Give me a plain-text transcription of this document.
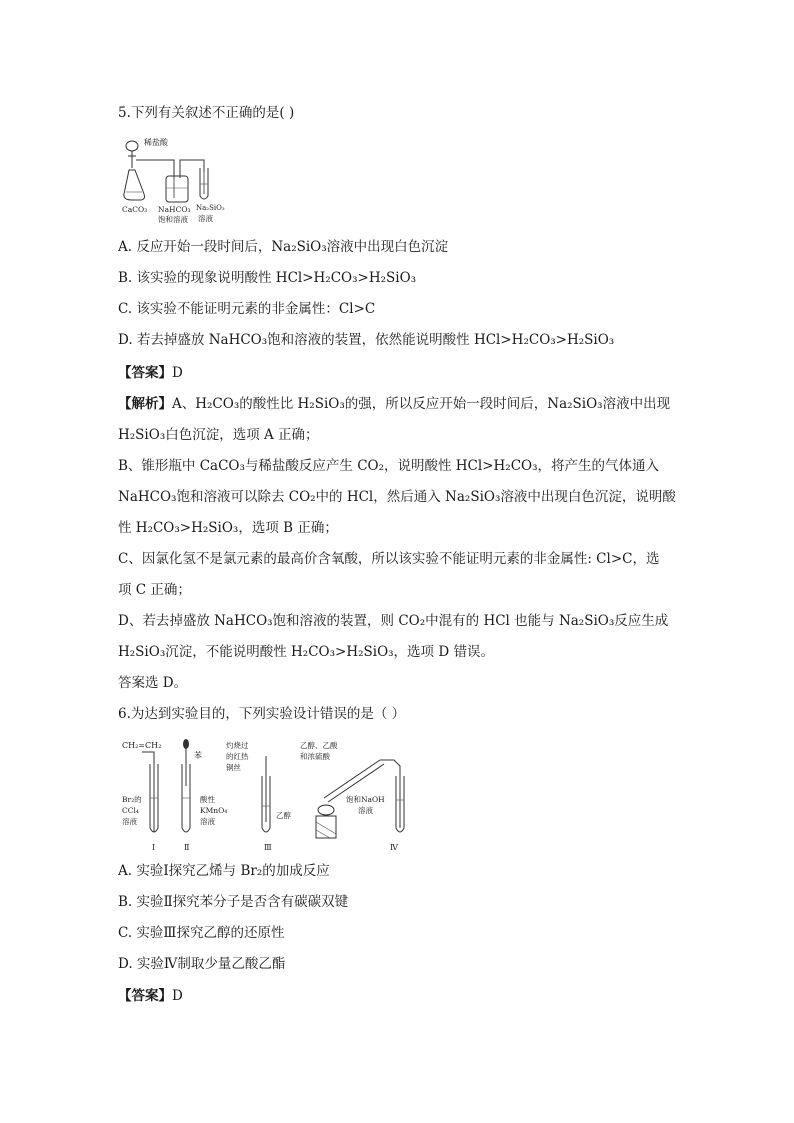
5.下列有关叙述不正确的是( )
稀盐酸
CaCO₃ NaHCO₃
饱和溶液
Na₂SiO₃
溶液
A. 反应开始一段时间后，Na₂SiO₃溶液中出现白色沉淀
B. 该实验的现象说明酸性 HCl>H₂CO₃>H₂SiO₃
C. 该实验不能证明元素的非金属性：Cl>C
D. 若去掉盛放 NaHCO₃饱和溶液的装置，依然能说明酸性 HCl>H₂CO₃>H₂SiO₃
【答案】D
【解析】A、H₂CO₃的酸性比 H₂SiO₃的强，所以反应开始一段时间后，Na₂SiO₃溶液中出现
H₂SiO₃白色沉淀，选项 A 正确；
B、锥形瓶中 CaCO₃与稀盐酸反应产生 CO₂，说明酸性 HCl>H₂CO₃，将产生的气体通入
NaHCO₃饱和溶液可以除去 CO₂中的 HCl，然后通入 Na₂SiO₃溶液中出现白色沉淀，说明酸
性 H₂CO₃>H₂SiO₃，选项 B 正确；
C、因氯化氢不是氯元素的最高价含氧酸，所以该实验不能证明元素的非金属性: Cl>C，选
项 C 正确；
D、若去掉盛放 NaHCO₃饱和溶液的装置，则 CO₂中混有的 HCl 也能与 Na₂SiO₃反应生成
H₂SiO₃沉淀，不能说明酸性 H₂CO₃>H₂SiO₃，选项 D 错误。
答案选 D。
6.为达到实验目的，下列实验设计错误的是（ ）
CH₂=CH₂
Br₂的
CCl₄
溶液
Ⅰ
苯
酸性
KMnO₄
溶液
Ⅱ
灼烧过
的红热
铜丝
乙醇
Ⅲ
乙醇、乙酸
和浓硫酸
饱和NaOH
溶液
Ⅳ
A. 实验Ⅰ探究乙烯与 Br₂的加成反应
B. 实验Ⅱ探究苯分子是否含有碳碳双键
C. 实验Ⅲ探究乙醇的还原性
D. 实验Ⅳ制取少量乙酸乙酯
【答案】D
